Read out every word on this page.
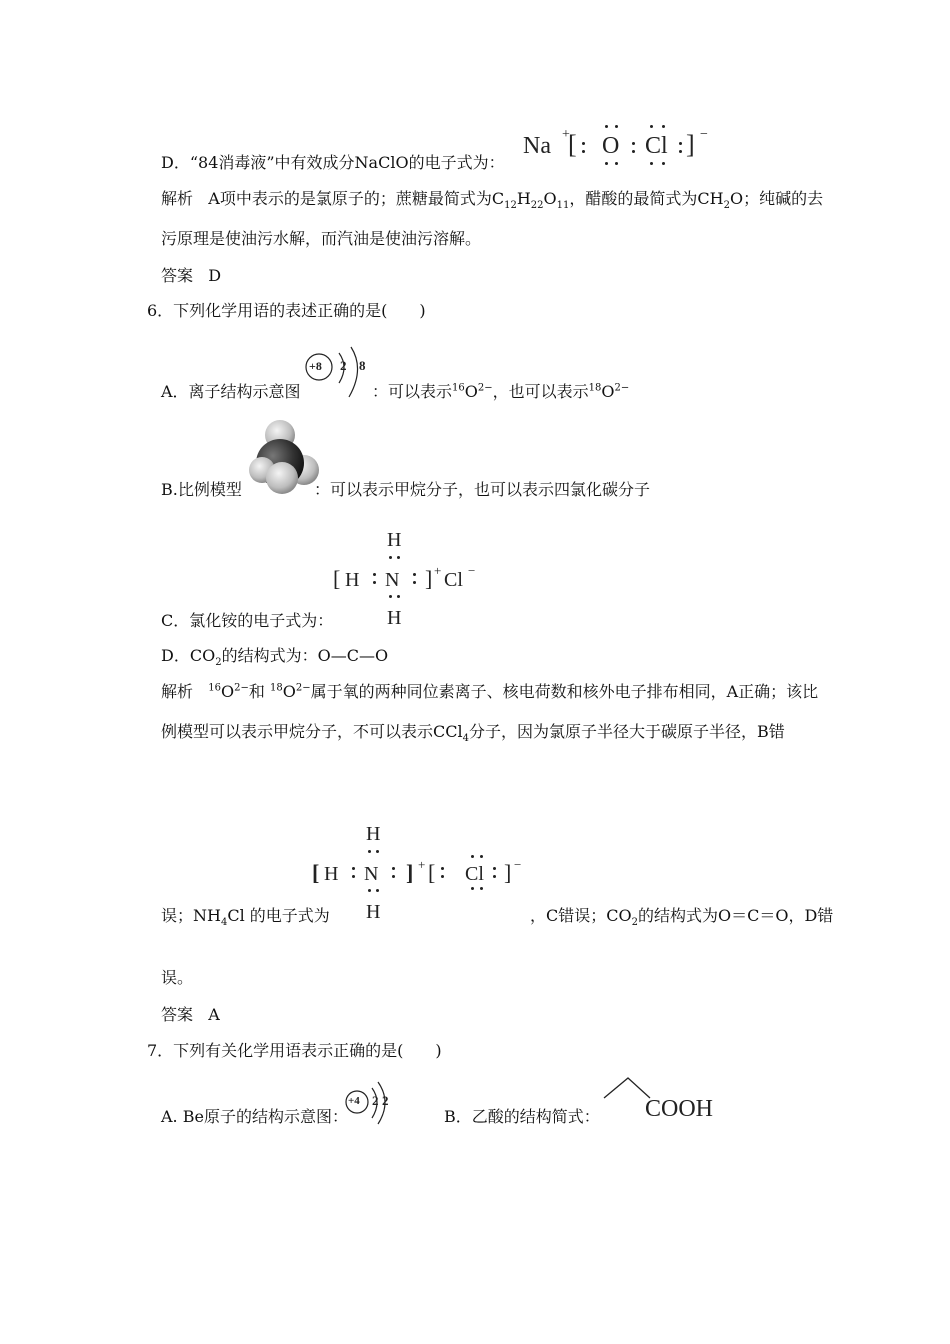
D．“84消毒液”中有效成分NaClO的电子式为：
Na +
[ O Cl ] −
解析 A项中表示的是氯原子的；蔗糖最简式为$C_{12}H_{22}O_{11}$，醋酸的最简式为$CH_2O$；纯碱的去
污原理是使油污水解，而汽油是使油污溶解。
答案 D
6．下列化学用语的表述正确的是(　　)
A．离子结构示意图
+8 2 8
：可以表示$^{16}O^{2-}$，也可以表示$^{18}O^{2-}$
B.比例模型	：可以表示甲烷分子，也可以表示四氯化碳分子
H
[ H N ] + Cl −
H
C．氯化铵的电子式为：
D．$CO_2$的结构式为：O—C—O
解析 $^{16}O^{2-}$和 $^{18}O^{2-}$属于氧的两种同位素离子、核电荷数和核外电子排布相同，A正确；该比
例模型可以表示甲烷分子，不可以表示CCl$_4$分子，因为氯原子半径大于碳原子半径，B错
H
[ H N ] + [ Cl ] −
H
误；$NH_4Cl$ 的电子式为	，C错误；$CO_2$的结构式为O＝C＝O，D错
误。
答案 A
7．下列有关化学用语表示正确的是(　　)
A. Be原子的结构示意图：
+4 2 2
B．乙酸的结构简式： COOH
